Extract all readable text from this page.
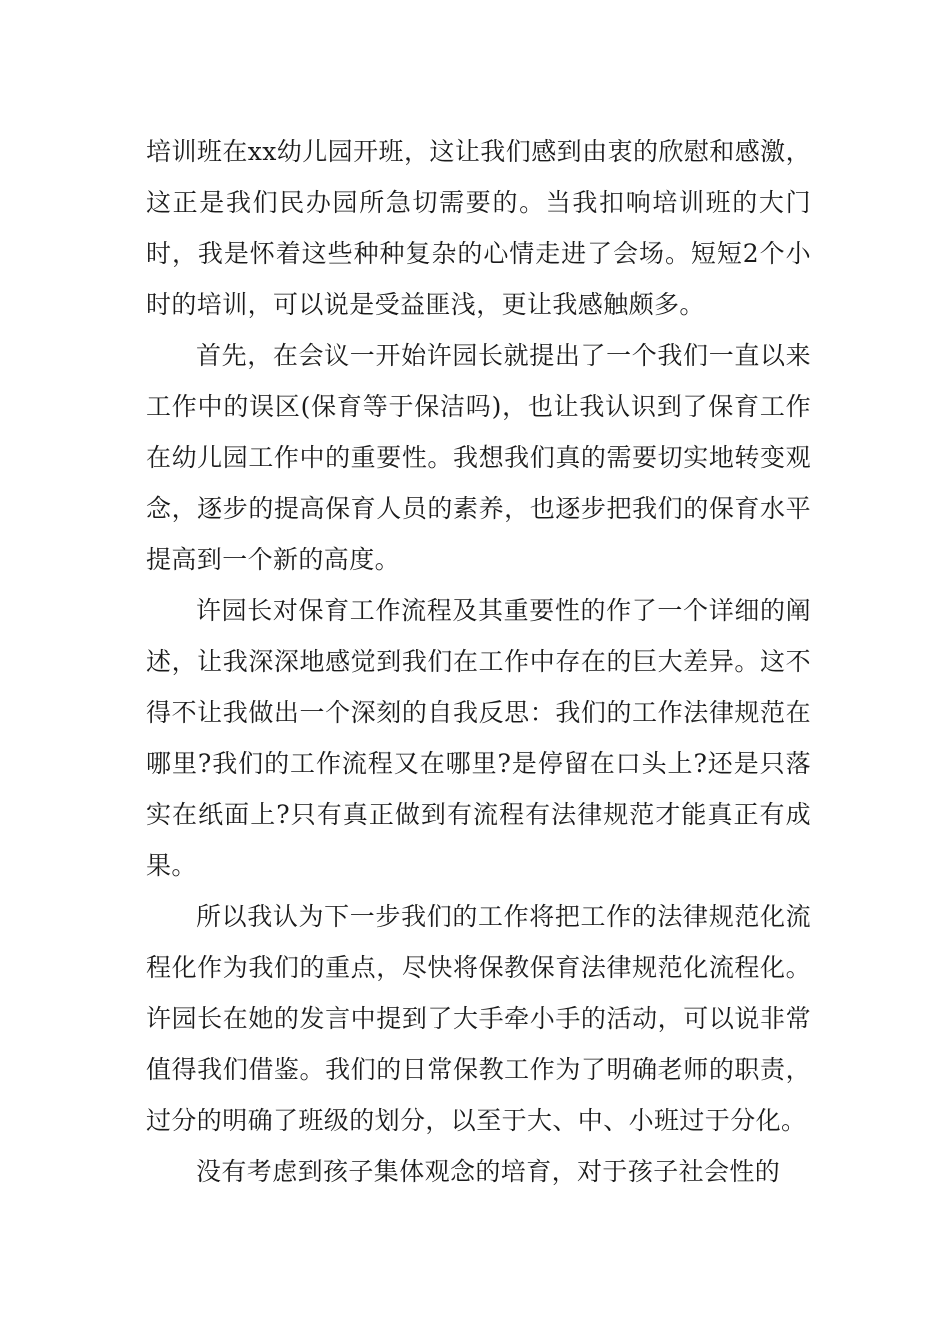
培训班在xx幼儿园开班，这让我们感到由衷的欣慰和感激，这正是我们民办园所急切需要的。当我扣响培训班的大门时，我是怀着这些种种复杂的心情走进了会场。短短2个小时的培训，可以说是受益匪浅，更让我感触颇多。

首先，在会议一开始许园长就提出了一个我们一直以来工作中的误区(保育等于保洁吗)，也让我认识到了保育工作在幼儿园工作中的重要性。我想我们真的需要切实地转变观念，逐步的提高保育人员的素养，也逐步把我们的保育水平提高到一个新的高度。

许园长对保育工作流程及其重要性的作了一个详细的阐述，让我深深地感觉到我们在工作中存在的巨大差异。这不得不让我做出一个深刻的自我反思：我们的工作法律规范在哪里?我们的工作流程又在哪里?是停留在口头上?还是只落实在纸面上?只有真正做到有流程有法律规范才能真正有成果。

所以我认为下一步我们的工作将把工作的法律规范化流程化作为我们的重点，尽快将保教保育法律规范化流程化。许园长在她的发言中提到了大手牵小手的活动，可以说非常值得我们借鉴。我们的日常保教工作为了明确老师的职责，过分的明确了班级的划分，以至于大、中、小班过于分化。

没有考虑到孩子集体观念的培育，对于孩子社会性的
